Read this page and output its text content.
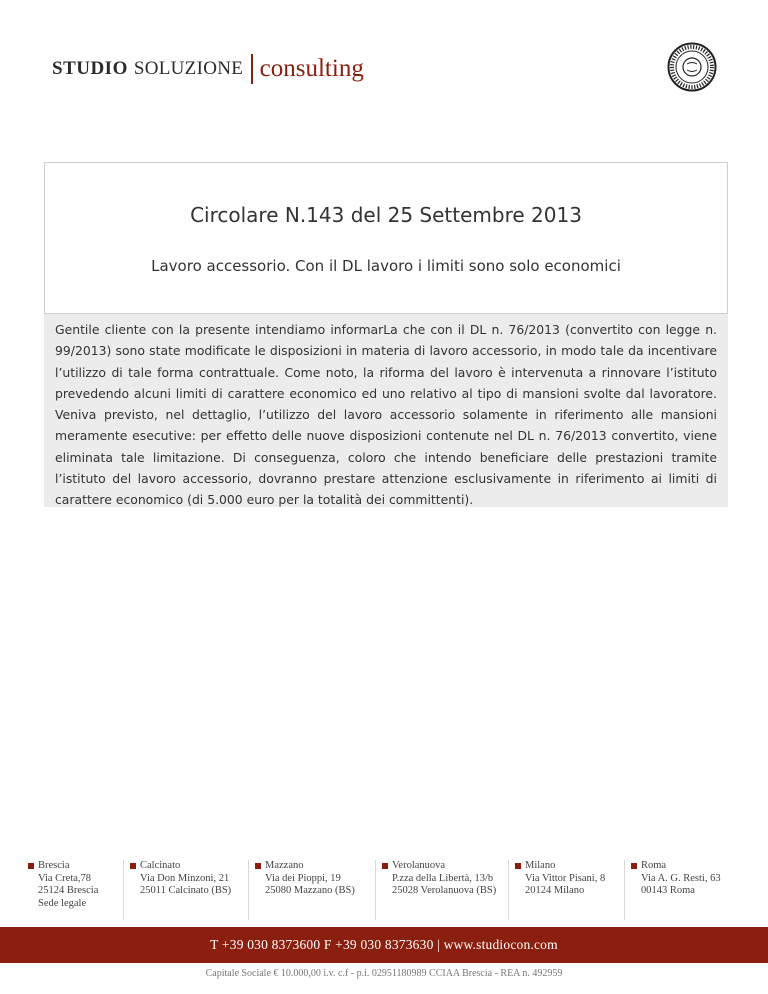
STUDIO SOLUZIONE consulting
Circolare N.143 del 25 Settembre 2013
Lavoro accessorio. Con il DL lavoro i limiti sono solo economici

Gentile cliente con la presente intendiamo informarLa che con il DL n. 76/2013 (convertito con legge n. 99/2013) sono state modificate le disposizioni in materia di lavoro accessorio, in modo tale da incentivare l’utilizzo di tale forma contrattuale. Come noto, la riforma del lavoro è intervenuta a rinnovare l’istituto prevedendo alcuni limiti di carattere economico ed uno relativo al tipo di mansioni svolte dal lavoratore. Veniva previsto, nel dettaglio, l’utilizzo del lavoro accessorio solamente in riferimento alle mansioni meramente esecutive: per effetto delle nuove disposizioni contenute nel DL n. 76/2013 convertito, viene eliminata tale limitazione. Di conseguenza, coloro che intendo beneficiare delle prestazioni tramite l’istituto del lavoro accessorio, dovranno prestare attenzione esclusivamente in riferimento ai limiti di carattere economico (di 5.000 euro per la totalità dei committenti).

Brescia
Via Creta,78
25124 Brescia
Sede legale
Calcinato
Via Don Minzoni, 21
25011 Calcinato (BS)
Mazzano
Via dei Pioppi, 19
25080 Mazzano (BS)
Verolanuova
P.zza della Libertà, 13/b
25028 Verolanuova (BS)
Milano
Via Vittor Pisani, 8
20124 Milano
Roma
Via A. G. Resti, 63
00143 Roma
T +39 030 8373600 F +39 030 8373630 | www.studiocon.com
Capitale Sociale € 10.000,00 i.v. c.f - p.i. 02951180989 CCIAA Brescia - REA n. 492959
